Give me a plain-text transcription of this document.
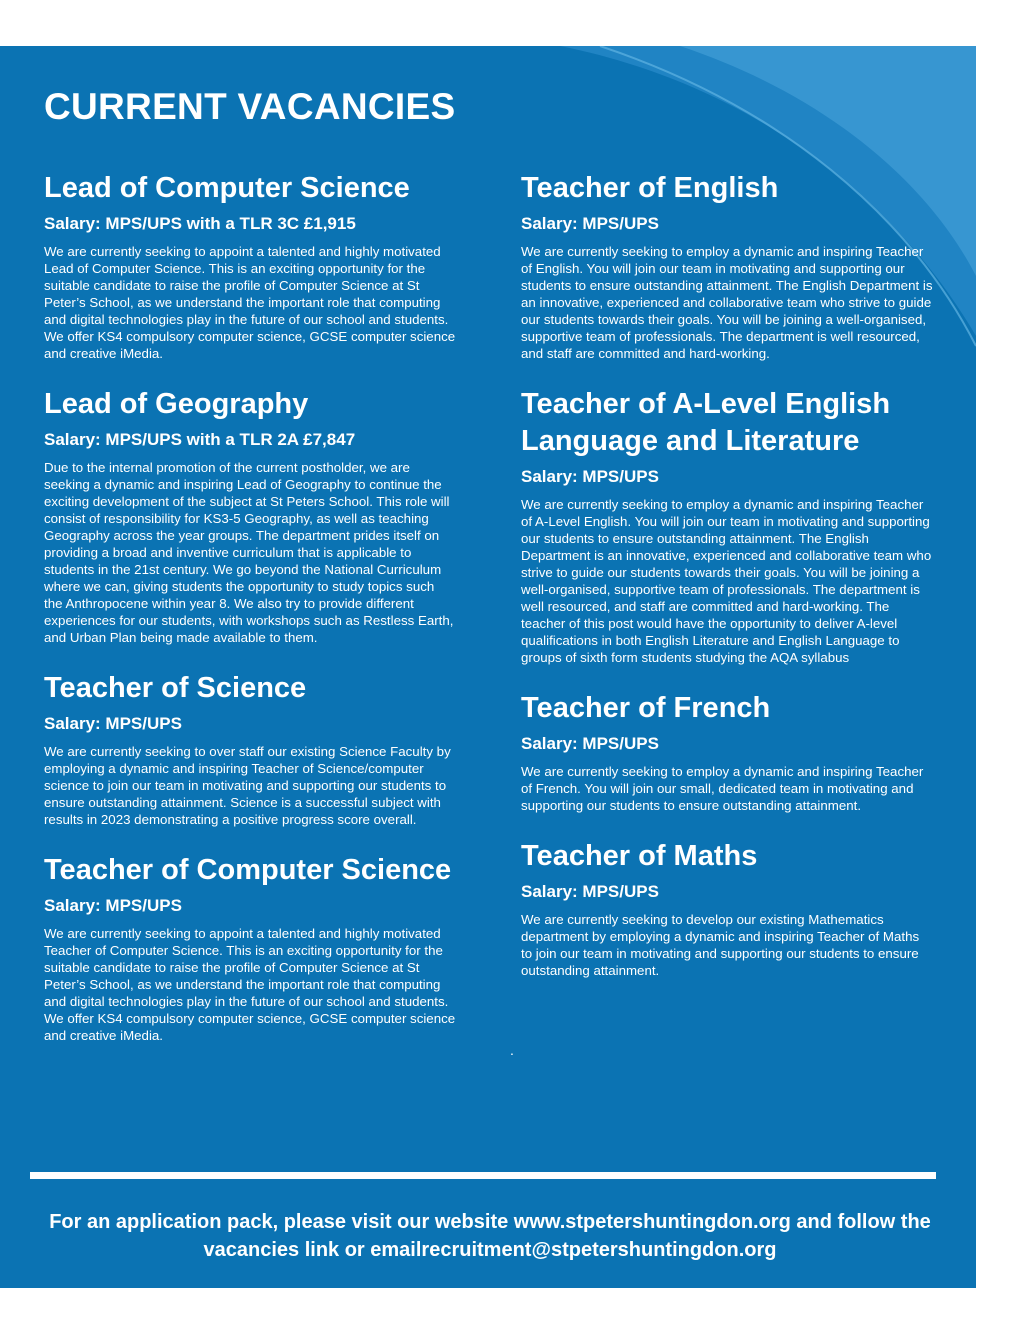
CURRENT VACANCIES
Lead of Computer Science

Salary: MPS/UPS with a TLR 3C £1,915

We are currently seeking to appoint a talented and highly motivated Lead of Computer Science. This is an exciting opportunity for the suitable candidate to raise the profile of Computer Science at St Peter’s School, as we understand the important role that computing and digital technologies play in the future of our school and students. We offer KS4 compulsory computer science, GCSE computer science and creative iMedia.

Lead of Geography

Salary: MPS/UPS with a TLR 2A £7,847

Due to the internal promotion of the current postholder, we are seeking a dynamic and inspiring Lead of Geography to continue the exciting development of the subject at St Peters School. This role will consist of responsibility for KS3-5 Geography, as well as teaching Geography across the year groups. The department prides itself on providing a broad and inventive curriculum that is applicable to students in the 21st century. We go beyond the National Curriculum where we can, giving students the opportunity to study topics such the Anthropocene within year 8. We also try to provide different experiences for our students, with workshops such as Restless Earth, and Urban Plan being made available to them.

Teacher of Science

Salary: MPS/UPS

We are currently seeking to over staff our existing Science Faculty by employing a dynamic and inspiring Teacher of Science/computer science to join our team in motivating and supporting our students to ensure outstanding attainment. Science is a successful subject with results in 2023 demonstrating a positive progress score overall.

Teacher of Computer Science

Salary: MPS/UPS

We are currently seeking to appoint a talented and highly motivated Teacher of Computer Science. This is an exciting opportunity for the suitable candidate to raise the profile of Computer Science at St Peter’s School, as we understand the important role that computing and digital technologies play in the future of our school and students. We offer KS4 compulsory computer science, GCSE computer science and creative iMedia.

Teacher of English

Salary: MPS/UPS

We are currently seeking to employ a dynamic and inspiring Teacher of English. You will join our team in motivating and supporting our students to ensure outstanding attainment. The English Department is an innovative, experienced and collaborative team who strive to guide our students towards their goals. You will be joining a well-organised, supportive team of professionals. The department is well resourced, and staff are committed and hard-working.

Teacher of A-Level English Language and Literature

Salary: MPS/UPS

We are currently seeking to employ a dynamic and inspiring Teacher of A-Level English. You will join our team in motivating and supporting our students to ensure outstanding attainment. The English Department is an innovative, experienced and collaborative team who strive to guide our students towards their goals. You will be joining a well-organised, supportive team of professionals. The department is well resourced, and staff are committed and hard-working. The teacher of this post would have the opportunity to deliver A-level qualifications in both English Literature and English Language to groups of sixth form students studying the AQA syllabus

Teacher of French

Salary: MPS/UPS

We are currently seeking to employ a dynamic and inspiring Teacher of French. You will join our small, dedicated team in motivating and supporting our students to ensure outstanding attainment.

Teacher of Maths

Salary: MPS/UPS

We are currently seeking to develop our existing Mathematics department by employing a dynamic and inspiring Teacher of Maths to join our team in motivating and supporting our students to ensure outstanding attainment.

.

For an application pack, please visit our website www.stpetershuntingdon.org and follow the vacancies link or emailrecruitment@stpetershuntingdon.org
